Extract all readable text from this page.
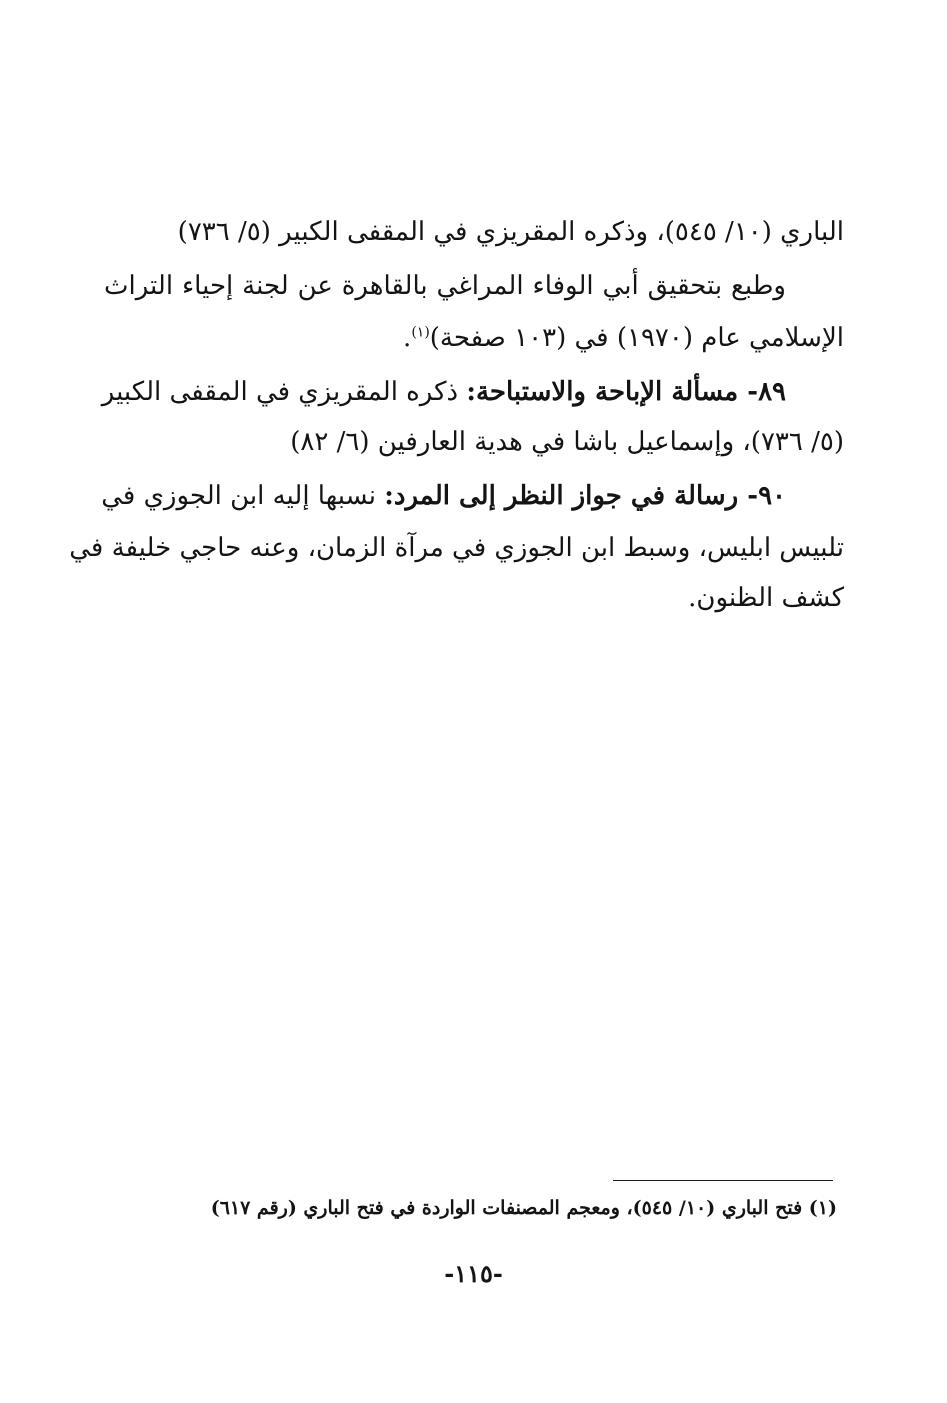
الباري (١٠/ ٥٤٥)، وذكره المقريزي في المقفى الكبير (٥/ ٧٣٦)
وطبع بتحقيق أبي الوفاء المراغي بالقاهرة عن لجنة إحياء التراث
الإسلامي عام (١٩٧٠) في (١٠٣ صفحة)$^{(١)}$.
٨٩- مسألة الإباحة والاستباحة: ذكره المقريزي في المقفى الكبير
(٥/ ٧٣٦)، وإسماعيل باشا في هدية العارفين (٦/ ٨٢)
٩٠- رسالة في جواز النظر إلى المرد: نسبها إليه ابن الجوزي في
تلبيس ابليس، وسبط ابن الجوزي في مرآة الزمان، وعنه حاجي خليفة في
كشف الظنون.
(١) فتح الباري (١٠/ ٥٤٥)، ومعجم المصنفات الواردة في فتح الباري (رقم ٦١٧)
-١١٥-
